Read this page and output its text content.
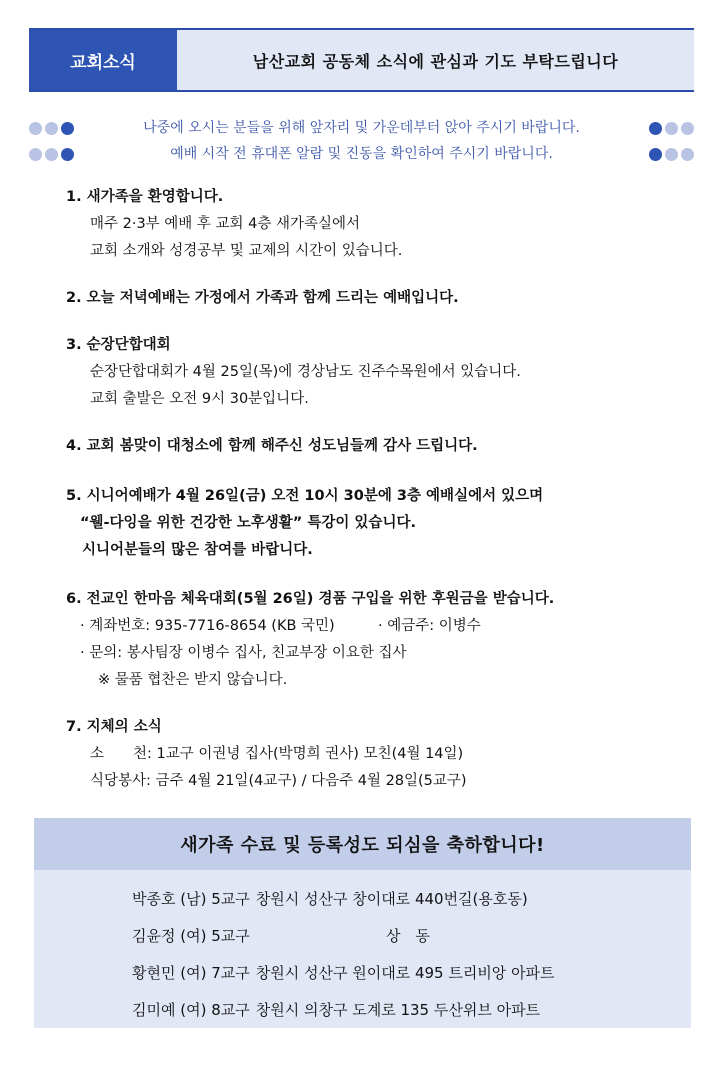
교회소식	남산교회 공동체 소식에 관심과 기도 부탁드립니다
나중에 오시는 분들을 위해 앞자리 및 가운데부터 앉아 주시기 바랍니다.
예배 시작 전 휴대폰 알람 및 진동을 확인하여 주시기 바랍니다.
1. 새가족을 환영합니다.
매주 2·3부 예배 후 교회 4층 새가족실에서
교회 소개와 성경공부 및 교제의 시간이 있습니다.
2. 오늘 저녁예배는 가정에서 가족과 함께 드리는 예배입니다.
3. 순장단합대회
순장단합대회가 4월 25일(목)에 경상남도 진주수목원에서 있습니다.
교회 출발은 오전 9시 30분입니다.
4. 교회 봄맞이 대청소에 함께 해주신 성도님들께 감사 드립니다.
5. 시니어예배가 4월 26일(금) 오전 10시 30분에 3층 예배실에서 있으며
“웰-다잉을 위한 건강한 노후생활” 특강이 있습니다.
시니어분들의 많은 참여를 바랍니다.
6. 전교인 한마음 체육대회(5월 26일) 경품 구입을 위한 후원금을 받습니다.
· 계좌번호: 935-7716-8654 (KB 국민)	· 예금주: 이병수
· 문의: 봉사팀장 이병수 집사, 친교부장 이요한 집사
※ 물품 협찬은 받지 않습니다.
7. 지체의 소식
소　　천: 1교구 이권녕 집사(박명희 권사) 모친(4월 14일)
식당봉사: 금주 4월 21일(4교구) / 다음주 4월 28일(5교구)
새가족 수료 및 등록성도 되심을 축하합니다!
박종호 (남) 5교구 창원시 성산구 창이대로 440번길(용호동)
김윤정 (여) 5교구	상　동
황현민 (여) 7교구 창원시 성산구 원이대로 495 트리비앙 아파트
김미예 (여) 8교구 창원시 의창구 도계로 135 두산위브 아파트
